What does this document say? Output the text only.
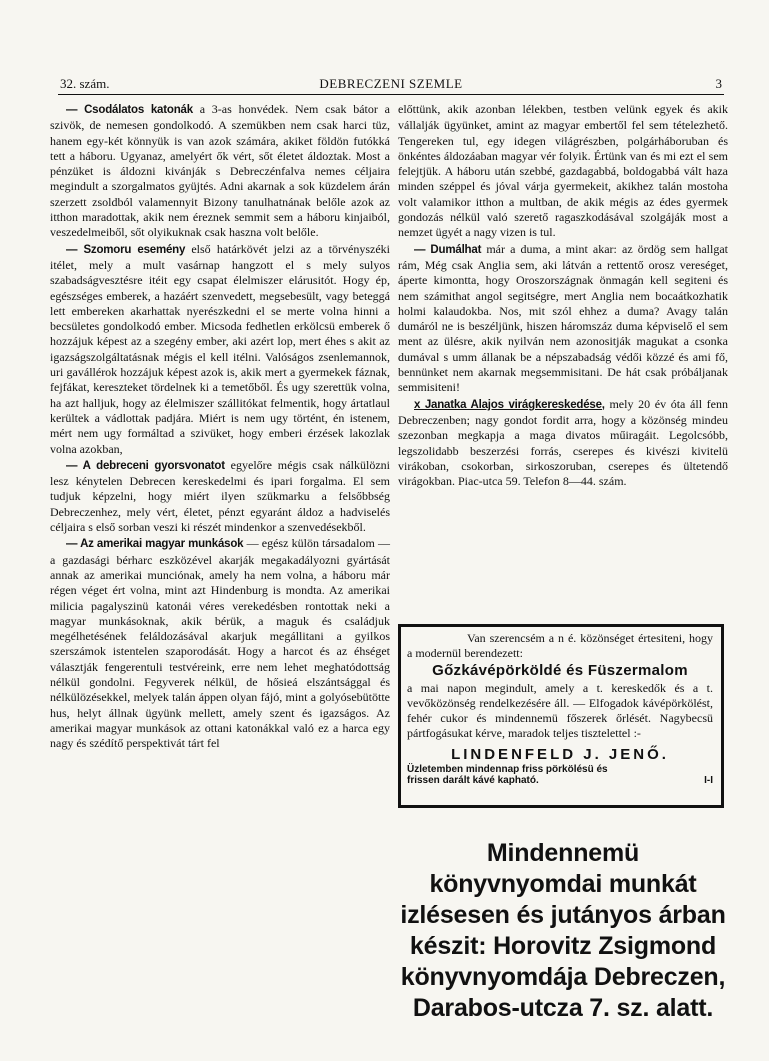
32. szám.	DEBRECZENI SZEMLE	3

— Csodálatos katonák a 3-as honvédek. Nem csak bátor a szivök, de nemesen gondolkodó. A szemükben nem csak harci tüz, hanem egy-két könnyük is van azok számára, akiket földön futókká tett a háboru. Ugyanaz, amelyért ők vért, sőt életet áldoztak. Most a pénzüket is áldozni kivánják s Debreczénfalva nemes céljaira megindult a szorgalmatos gyüjtés. Adni akarnak a sok küzdelem árán szerzett zsoldból valamennyit Bizony tanulhatnának belőle azok az itthon maradottak, akik nem éreznek semmit sem a háboru kinjaiból, veszedelmeiből, sőt olyikuknak csak haszna volt belőle.

— Szomoru esemény első határkövét jelzi az a törvényszéki itélet, mely a mult vasárnap hangzott el s mely sulyos szabadságvesztésre itéit egy csapat élelmiszer elárusitót. Hogy ép, egészséges emberek, a hazáért szenvedett, megsebesült, vagy beteggá lett embereken akarhattak nyerészkedni el se merte volna hinni a becsületes gondolkodó ember. Micsoda fedhetlen erkölcsü emberek ő hozzájuk képest az a szegény ember, aki azért lop, mert éhes s akit az igazságszolgáltatásnak mégis el kell itélni. Valóságos zsenlemannok, uri gavállérok hozzájuk képest azok is, akik mert a gyermekek fáznak, fejfákat, kereszteket tördelnek ki a temetőből. És ugy szerettük volna, ha azt halljuk, hogy az élelmiszer szállitókat felmentik, hogy ártatlaul kerültek a vádlottak padjára. Miért is nem ugy történt, én istenem, mért nem ugy formáltad a szivüket, hogy emberi érzések lakozlak volna azokban,

— A debreceni gyorsvonatot egyelőre mégis csak nálkülözni lesz kénytelen Debrecen kereskedelmi és ipari forgalma. El sem tudjuk képzelni, hogy miért ilyen szükmarku a felsőbbség Debreczenhez, mely vért, életet, pénzt egyaránt áldoz a hadviselés céljaira s első sorban veszi ki részét mindenkor a szenvedésekből.

— Az amerikai magyar munkások — egész külön társadalom — a gazdasági bérharc eszközével akarják megakadályozni gyártását annak az amerikai munciónak, amely ha nem volna, a háboru már régen véget ért volna, mint azt Hindenburg is mondta. Az amerikai milicia pagalyszinü katonái véres verekedésben rontottak neki a magyar munkásoknak, akik bérük, a maguk és családjuk megélhetésének feláldozásával akarjuk megállitani a gyilkos szerszámok istentelen szaporodását. Hogy a harcot és az éhséget választják fengerentuli testvéreink, erre nem lehet meghatódottság nélkül gondolni. Fegyverek nélkül, de hősieá elszántsággal és nélkülözésekkel, melyek talán áppen olyan fájó, mint a golyósebütötte hus, helyt állnak ügyünk mellett, amely szent és igazságos. Az amerikai magyar munkások az ottani katonákkal való ez a harca egy nagy és szédítő perspektivát tárt fel

előttünk, akik azonban lélekben, testben velünk egyek és akik vállalják ügyünket, amint az magyar embertől fel sem tételezhető. Tengereken tul, egy idegen világrészben, polgárháboruban és önkéntes áldozáaban magyar vér folyik. Értünk van és mi ezt el sem felejtjük. A háboru után szebbé, gazdagabbá, boldogabbá vált haza minden széppel és jóval várja gyermekeit, akikhez talán mostoha volt valamikor itthon a multban, de akik mégis az édes gyermek gondozás nélkül való szerető ragaszkodásával szolgáják most a nemzet ügyét a nagy vizen is tul.

— Dumálhat már a duma, a mint akar: az ördög sem hallgat rám, Még csak Anglia sem, aki látván a rettentő orosz vereséget, áperte kimontta, hogy Oroszországnak önmagán kell segiteni és nem számithat angol segitségre, mert Anglia nem bocaátkozhatik holmi kalaudokba. Nos, mit szól ehhez a duma? Avagy talán dumáról ne is beszéljünk, hiszen háromszáz duma képviselő el sem ment az ülésre, akik nyilván nem azonositják magukat a csonka dumával s umm állanak be a népszabadság védői közzé és ami fő, bennünket nem akarnak megsemmisitani. De hát csak próbáljanak semmisiteni!

x Janatka Alajos virágkereskedése, mely 20 év óta áll fenn Debreczenben; nagy gondot fordit arra, hogy a közönség mindeu szezonban megkapja a maga divatos műiragáit. Legolcsóbb, legszolidabb beszerzési forrás, cserepes és kivészi kivitelü virákoban, csokorban, sirkoszoruban, cserepes és ültetendő virágokban. Piac-utca 59. Telefon 8—44. szám.

Van szerencsém a n é. közönséget értesiteni, hogy a modernül berendezett:

Gőzkávépörköldé és Füszermalom

a mai napon megindult, amely a t. kereskedők és a t. vevőközönség rendelkezésére áll. — Elfogadok kávépörkölést, fehér cukor és mindennemü főszerek őrlését. Nagybecsü pártfogásukat kérve, maradok teljes tisztelettel :-

LINDENFELD J. JENŐ.
Üzletemben mindennap friss pörkölésü és
frissen darált kávé kapható.	I-I
Mindennemü
könyvnyomdai munkát
izlésesen és jutányos árban
készit: Horovitz Zsigmond
könyvnyomdája Debreczen,
Darabos-utcza 7. sz. alatt.
